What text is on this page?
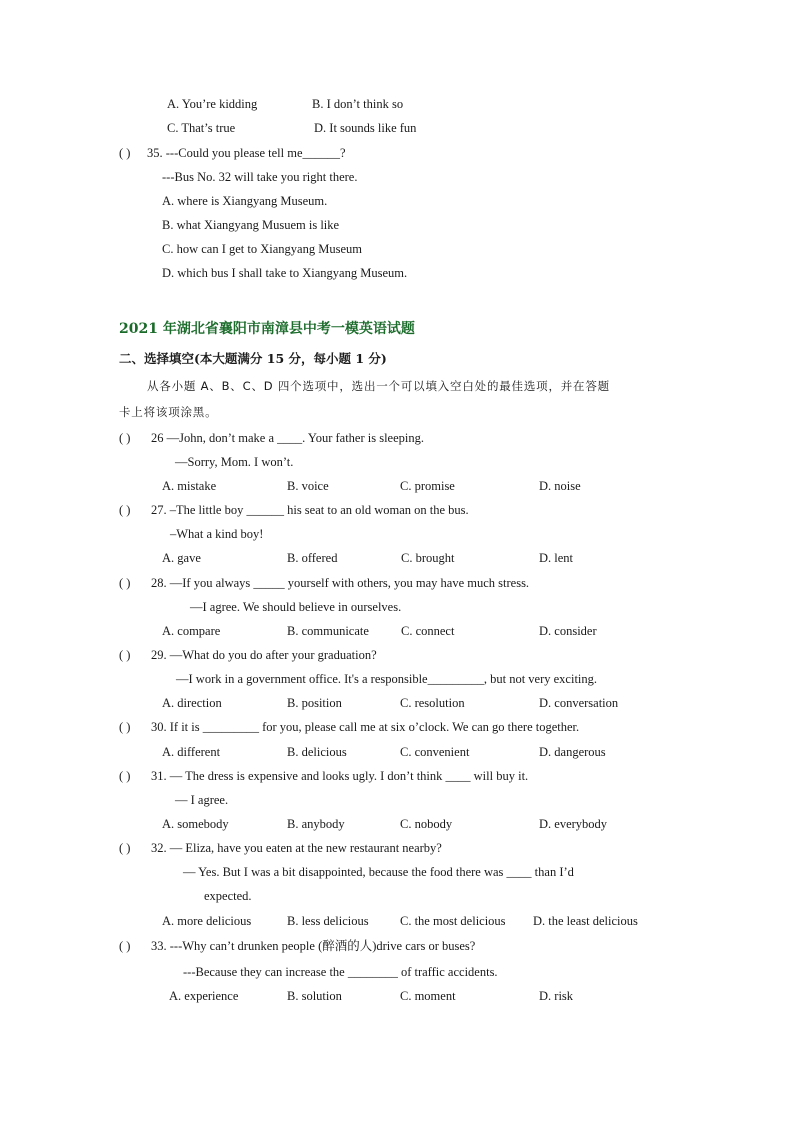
A. You’re kidding	B. I don’t think so
C. That’s true	D. It sounds like fun
( ) 35. ---Could you please tell me______?
---Bus No. 32 will take you right there.
A. where is Xiangyang Museum.
B. what Xiangyang Musuem is like
C. how can I get to Xiangyang Museum
D. which bus I shall take to Xiangyang Museum.
2021 年湖北省襄阳市南漳县中考一模英语试题
二、选择填空(本大题满分 15 分，每小题 1 分)
从各小题 A、B、C、D 四个选项中，选出一个可以填入空白处的最佳选项，并在答题
卡上将该项涂黑。
( ) 26 —John, don’t make a ____. Your father is sleeping.
—Sorry, Mom. I won’t.
A. mistake	B. voice	C. promise	D. noise
( ) 27. –The little boy ______ his seat to an old woman on the bus.
–What a kind boy!
A. gave	B. offered	C. brought	D. lent
( ) 28. —If you always _____ yourself with others, you may have much stress.
—I agree. We should believe in ourselves.
A. compare	B. communicate	C. connect	D. consider
( ) 29. —What do you do after your graduation?
—I work in a government office. It's a responsible_________, but not very exciting.
A. direction	B. position	C. resolution	D. conversation
( ) 30. If it is _________ for you, please call me at six o’clock. We can go there together.
A. different	B. delicious	C. convenient	D. dangerous
( ) 31. — The dress is expensive and looks ugly. I don’t think ____ will buy it.
— I agree.
A. somebody	B. anybody	C. nobody	D. everybody
( ) 32. — Eliza, have you eaten at the new restaurant nearby?
— Yes. But I was a bit disappointed, because the food there was ____ than I’d
expected.
A. more delicious	B. less delicious	C. the most delicious D. the least delicious
( ) 33. ---Why can’t drunken people (醉酒的人)drive cars or buses?
---Because they can increase the ________ of traffic accidents.
A. experience	B. solution	C. moment	D. risk
